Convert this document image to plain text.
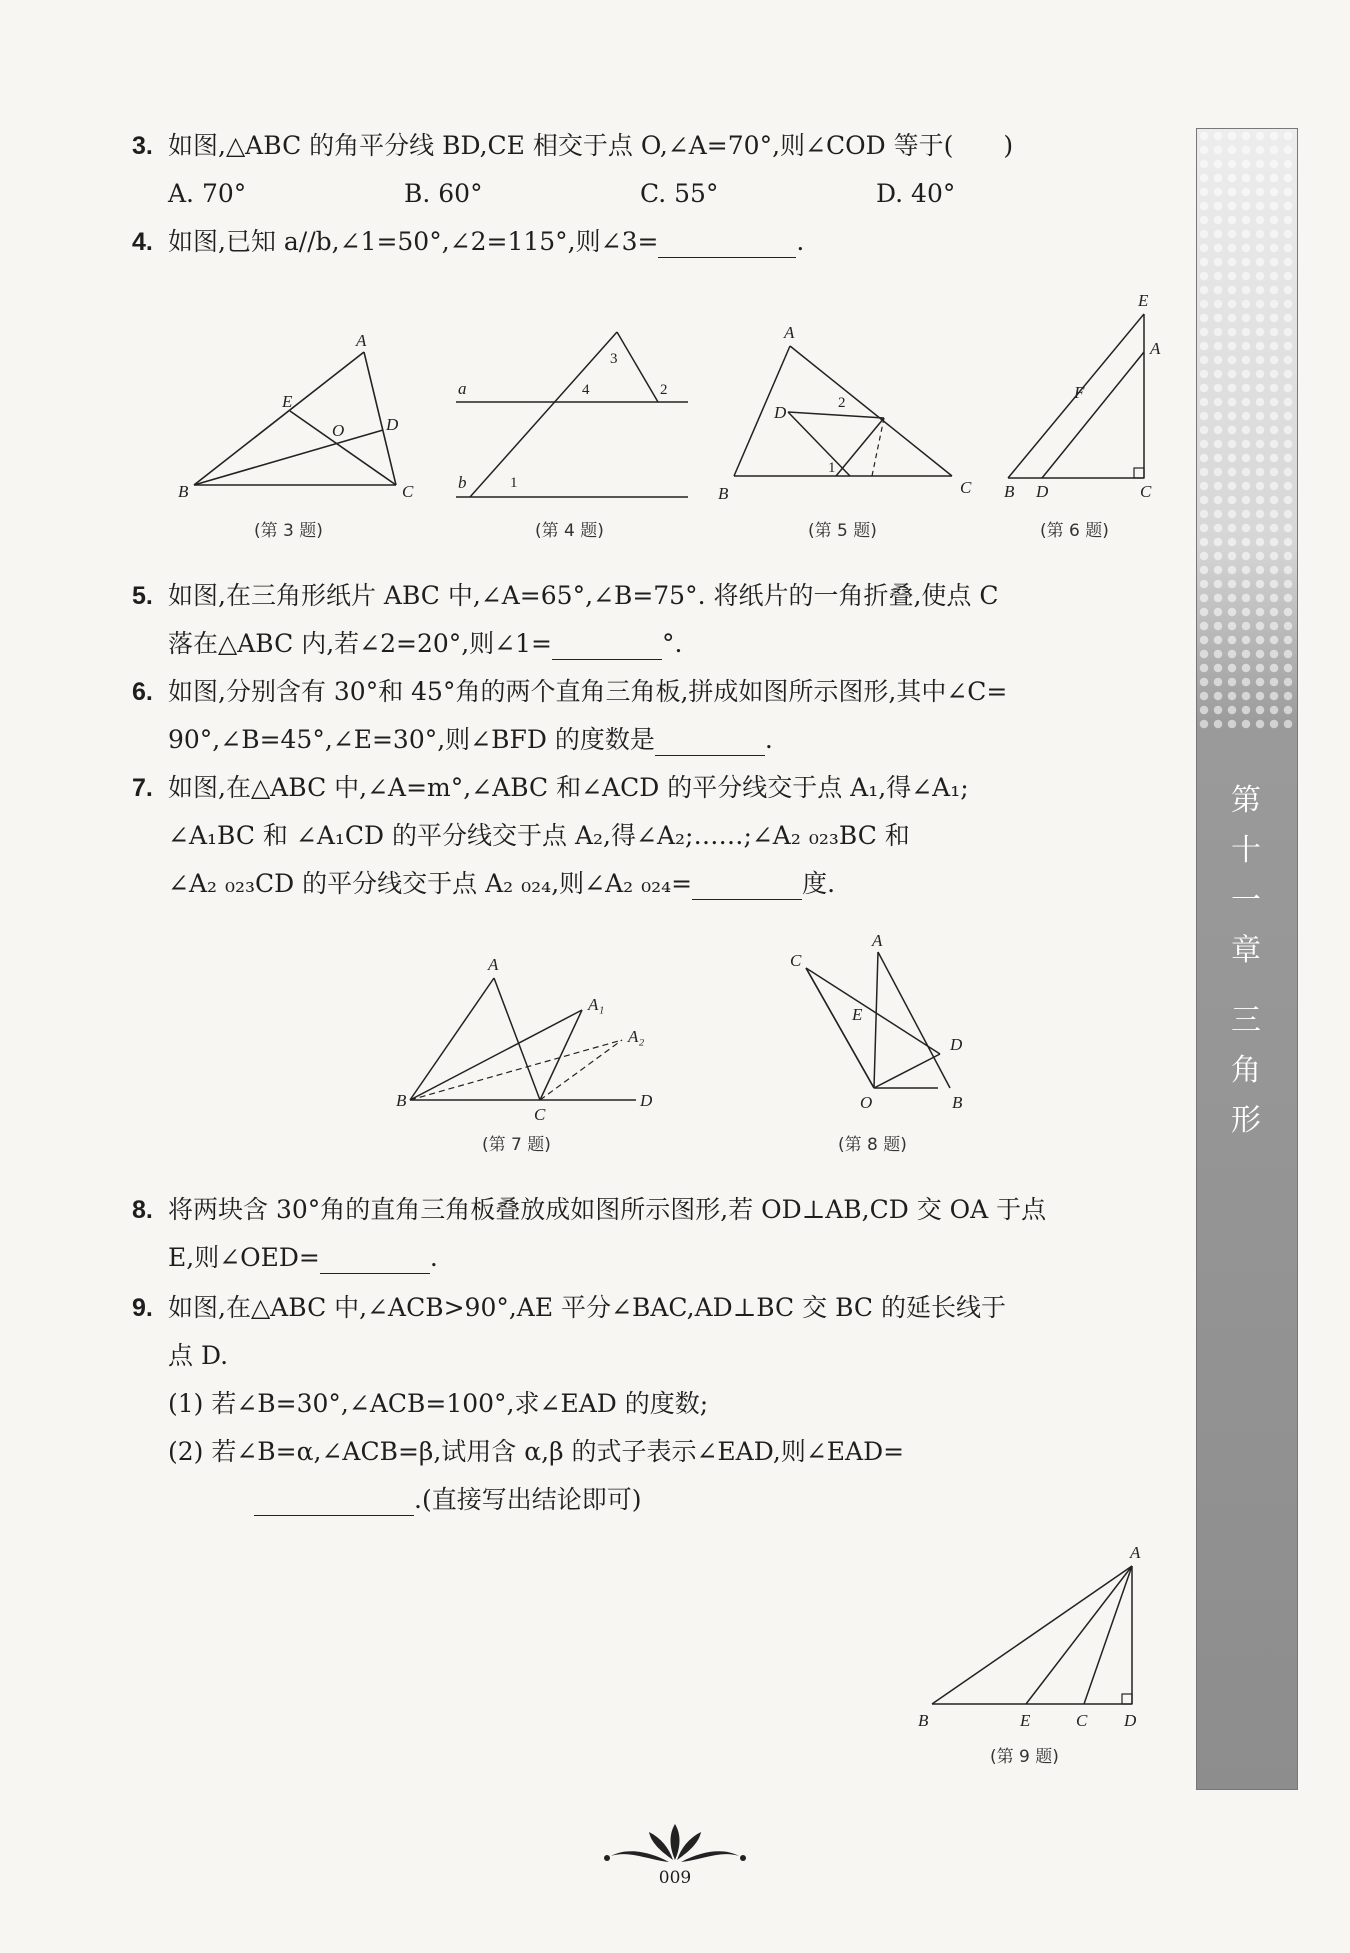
3. 如图,△ABC 的角平分线 BD,CE 相交于点 O,∠A=70°,则∠COD 等于(　　)
A. 70°	B. 60°	C. 55°	D. 40°
4. 如图,已知 a//b,∠1=50°,∠2=115°,则∠3=	.
A
B	C
D
E
O
a
b	1
2
3
4
A
B	C
D
1
2
E
A
F
B D	C
(第 3 题)	(第 4 题)	(第 5 题)	(第 6 题)
5. 如图,在三角形纸片 ABC 中,∠A=65°,∠B=75°. 将纸片的一角折叠,使点 C
落在△ABC 内,若∠2=20°,则∠1=	°.
6. 如图,分别含有 30°和 45°角的两个直角三角板,拼成如图所示图形,其中∠C=
90°,∠B=45°,∠E=30°,则∠BFD 的度数是	.
7. 如图,在△ABC 中,∠A=m°,∠ABC 和∠ACD 的平分线交于点 A₁,得∠A₁;
∠A₁BC 和 ∠A₁CD 的平分线交于点 A₂,得∠A₂;……;∠A₂ ₀₂₃BC 和
∠A₂ ₀₂₃CD 的平分线交于点 A₂ ₀₂₄,则∠A₂ ₀₂₄=	度.
A
A₁
A₂
B
C
D
C
A
E
D
O	B
(第 7 题)	(第 8 题)
8. 将两块含 30°角的直角三角板叠放成如图所示图形,若 OD⊥AB,CD 交 OA 于点
E,则∠OED=	.
9. 如图,在△ABC 中,∠ACB>90°,AE 平分∠BAC,AD⊥BC 交 BC 的延长线于
点 D.
(1) 若∠B=30°,∠ACB=100°,求∠EAD 的度数;
(2) 若∠B=α,∠ACB=β,试用含 α,β 的式子表示∠EAD,则∠EAD=
.(直接写出结论即可)
A
B	E	C D
(第 9 题)
第
十
一
章
三
角
形
009
